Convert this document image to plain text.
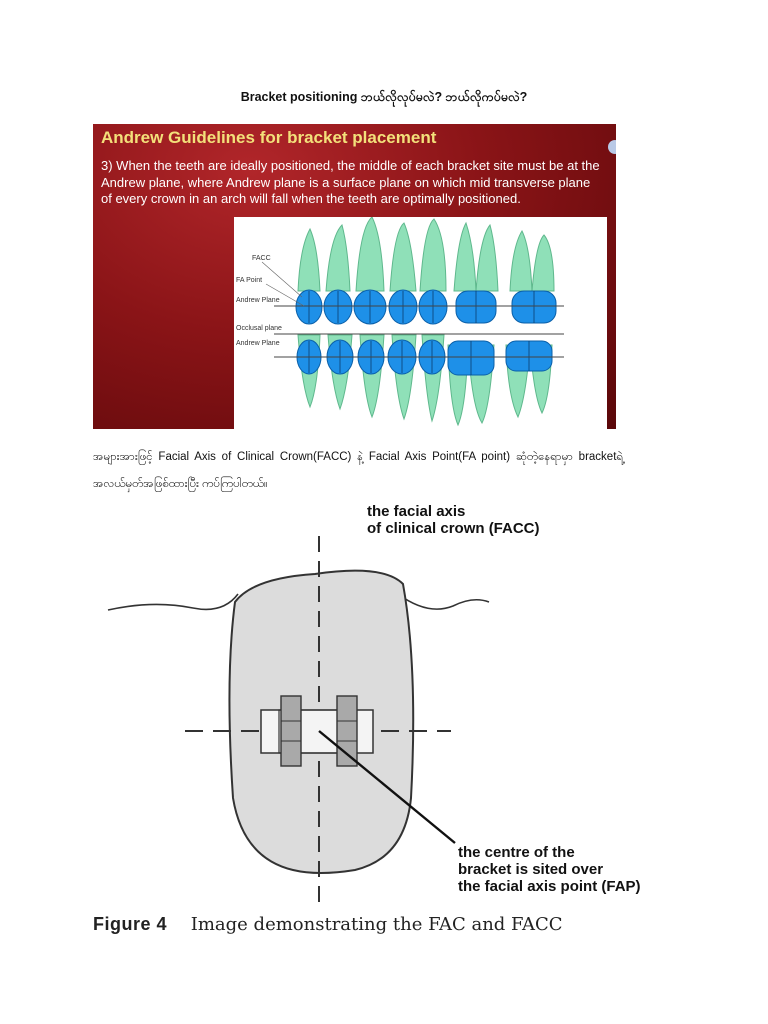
Bracket positioning ဘယ်လိုလုပ်မလဲ? ဘယ်လိုကပ်မလဲ?
Andrew Guidelines for bracket placement
3) When the teeth are ideally positioned, the middle of each bracket site must be at the Andrew plane, where Andrew plane is a surface plane on which mid transverse plane of every crown in an arch will fall when the teeth are optimally positioned.
FACC
FA Point
Andrew Plane
Occlusal plane
Andrew Plane
အများအားဖြင့် Facial Axis of Clinical Crown(FACC) နဲ့ Facial Axis Point(FA point) ဆုံတဲ့နေရာမှာ bracketရဲ့အလယ်မှတ်အဖြစ်ထားပြီး ကပ်ကြပါတယ်။
the facial axis
of clinical crown (FACC)
the centre of the
bracket is sited over
the facial axis point (FAP)
Figure 4 Image demonstrating the FAC and FACC
